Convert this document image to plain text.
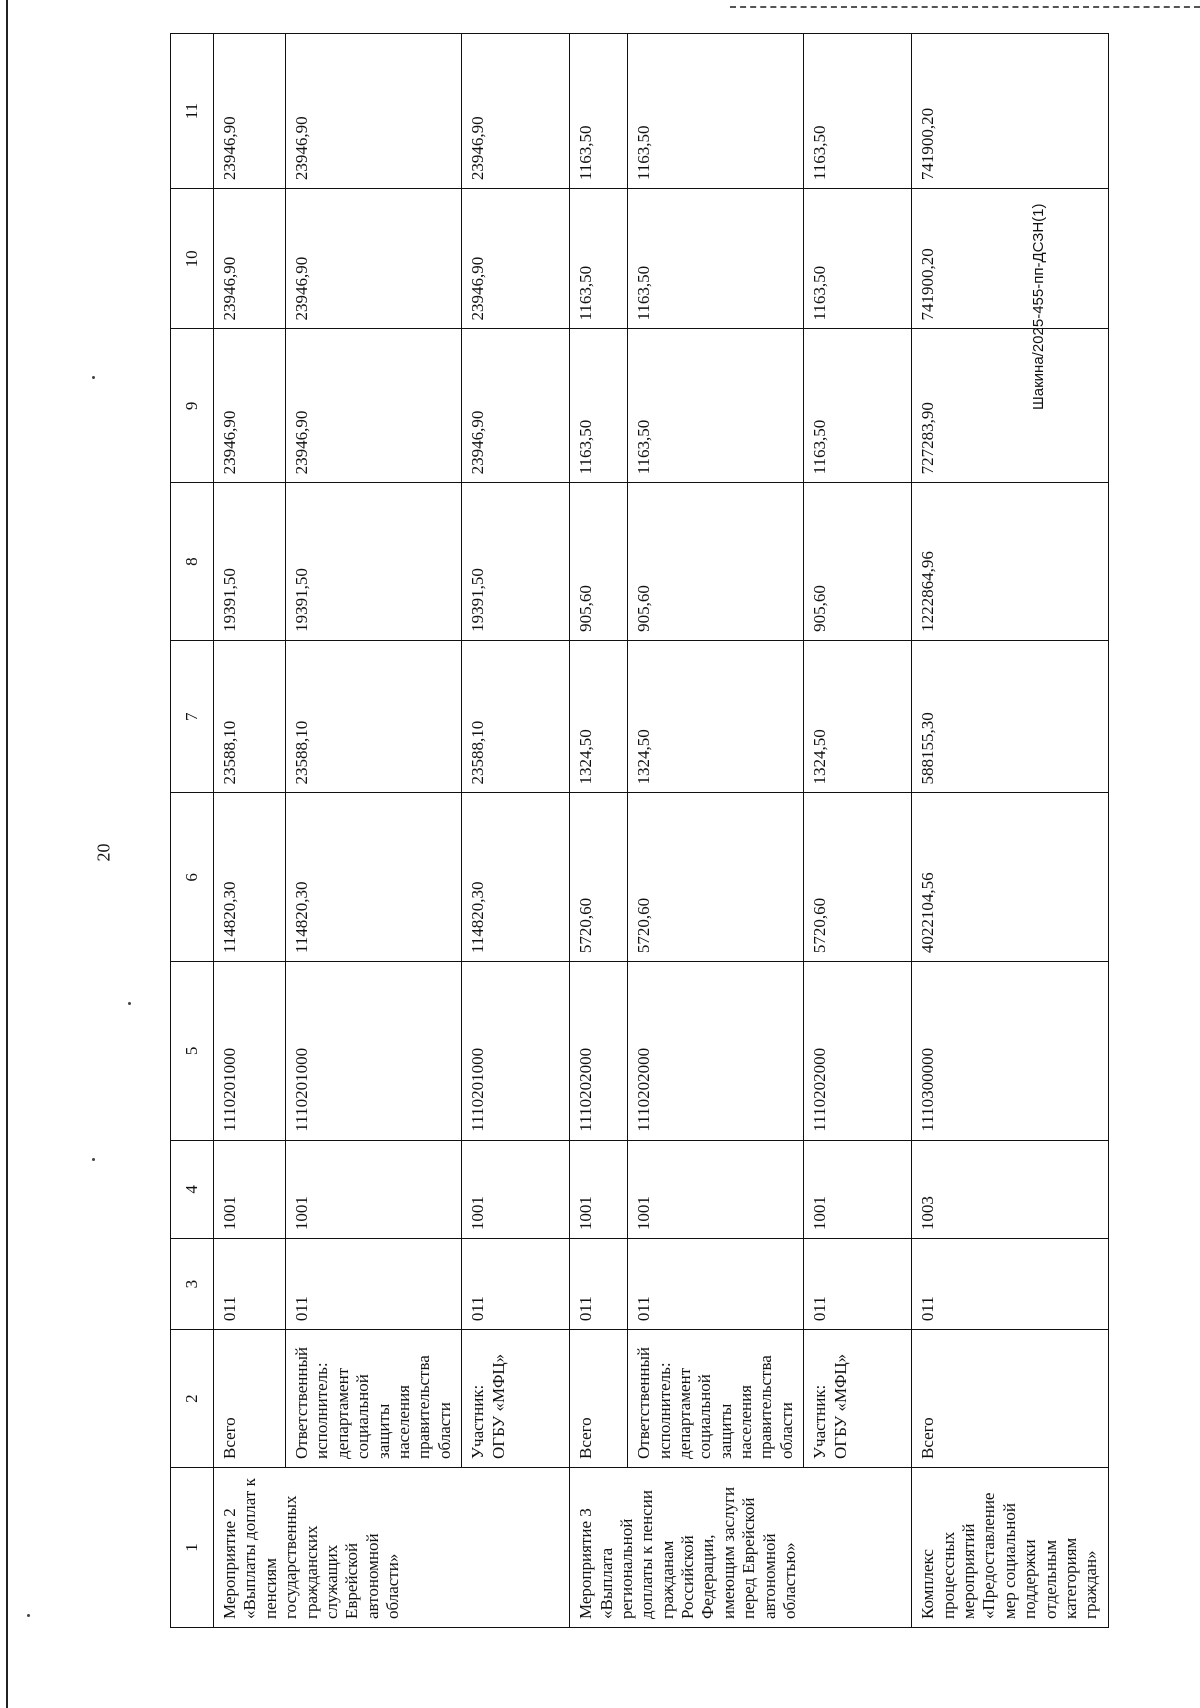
20
Шакина/2025-455-пп-ДСЗН(1)
1	2	3	4	5	6	7	8	9	10	11
Мероприятие 2 «Выплаты доплат к пенсиям государственных гражданских служащих Еврейской автономной области»	Всего	011	1001	1110201000	114820,30	23588,10	19391,50	23946,90	23946,90	23946,90
	Ответственный исполнитель: департамент социальной защиты населения правительства области	011	1001	1110201000	114820,30	23588,10	19391,50	23946,90	23946,90	23946,90
	Участник: ОГБУ «МФЦ»	011	1001	1110201000	114820,30	23588,10	19391,50	23946,90	23946,90	23946,90
Мероприятие 3 «Выплата региональной доплаты к пенсии гражданам Российской Федерации, имеющим заслуги перед Еврейской автономной областью»	Всего	011	1001	1110202000	5720,60	1324,50	905,60	1163,50	1163,50	1163,50
	Ответственный исполнитель: департамент социальной защиты населения правительства области	011	1001	1110202000	5720,60	1324,50	905,60	1163,50	1163,50	1163,50
	Участник: ОГБУ «МФЦ»	011	1001	1110202000	5720,60	1324,50	905,60	1163,50	1163,50	1163,50
Комплекс процессных мероприятий «Предоставление мер социальной поддержки отдельным категориям граждан»	Всего	011	1003	1110300000	4022104,56	588155,30	1222864,96	727283,90	741900,20	741900,20
